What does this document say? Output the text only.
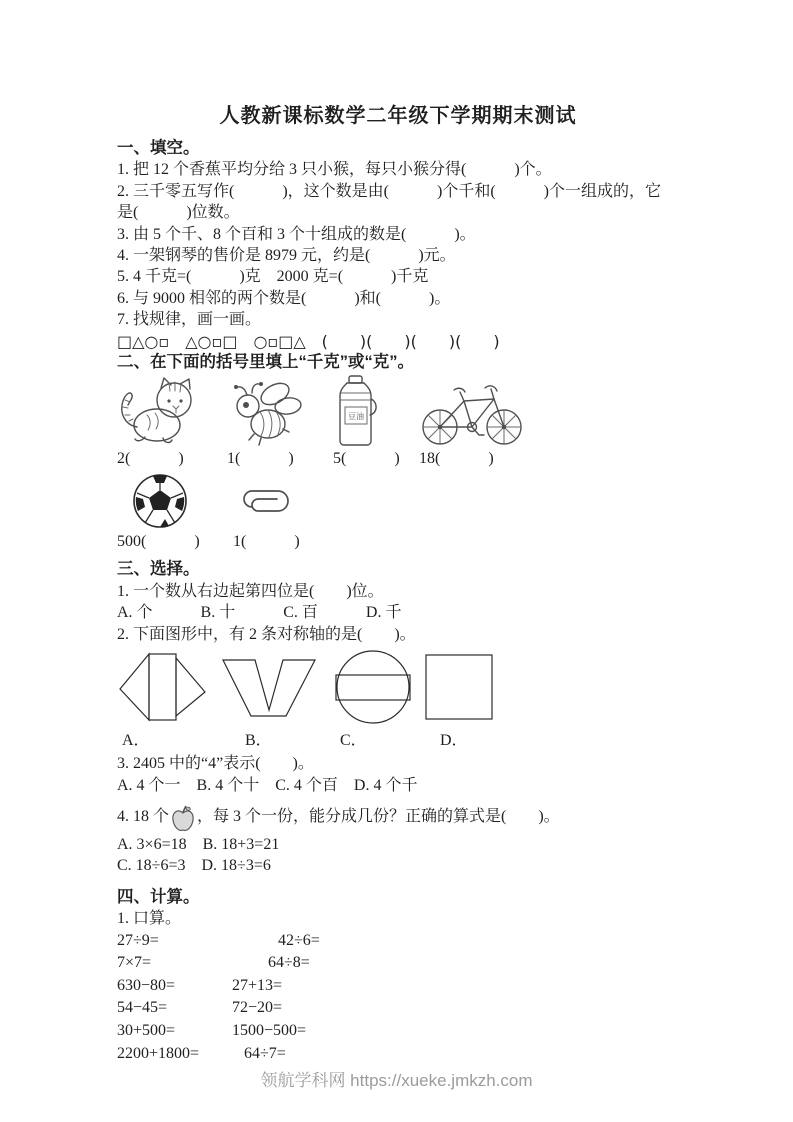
人教新课标数学二年级下学期期末测试
一、填空。
1. 把 12 个香蕉平均分给 3 只小猴，每只小猴分得(　　　)个。
2. 三千零五写作(　　　)，这个数是由(　　　)个千和(　　　)个一组成的，它
是(　　　)位数。
3. 由 5 个千、8 个百和 3 个十组成的数是(　　　)。
4. 一架钢琴的售价是 8979 元，约是(　　　)元。
5. 4 千克=(　　　)克　2000 克=(　　　)千克
6. 与 9000 相邻的两个数是(　　　)和(　　　)。
7. 找规律，画一画。
□△○▫　△○▫□　○▫□△　(　　)(　　)(　　)(　　)
二、在下面的括号里填上“千克”或“克”。
2(　　　)	1(　　　)
豆油
5(　　　)	18(　　　)
500(　　　)	1(　　　)
三、选择。
1. 一个数从右边起第四位是(　　)位。
A. 个　　　B. 十　　　C. 百　　　D. 千
2. 下面图形中，有 2 条对称轴的是(　　)。
A．	B．	C．	D．
3. 2405 中的“4”表示(　　)。
A. 4 个一　B. 4 个十　C. 4 个百　D. 4 个千
4. 18 个 ，每 3 个一份，能分成几份？正确的算式是(　　)。
A. 3×6=18　B. 18+3=21
C. 18÷6=3　D. 18÷3=6
四、计算。
1. 口算。
27÷9=	42÷6=
7×7=	64÷8=
630−80=	27+13=
54−45=	72−20=
30+500=	1500−500=
2200+1800=	64÷7=
领航学科网 https://xueke.jmkzh.com
